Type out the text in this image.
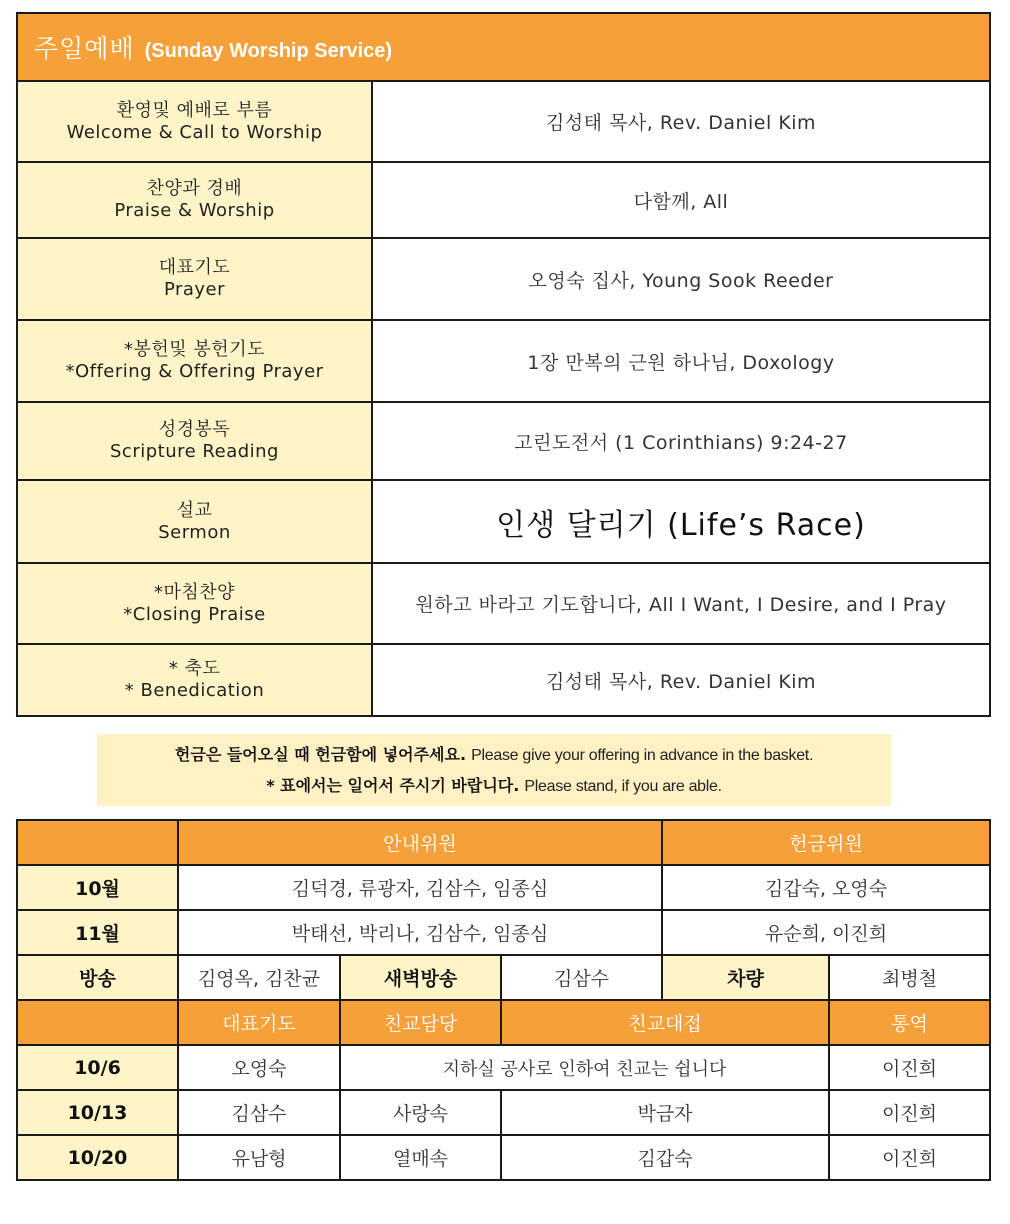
주일예배 (Sunday Worship Service)	

환영및 예배로 부름
Welcome & Call to Worship	김성태 목사, Rev. Daniel Kim

찬양과 경배
Praise & Worship	다함께, All

대표기도
Prayer	오영숙 집사, Young Sook Reeder

*봉헌및 봉헌기도
*Offering & Offering Prayer	1장 만복의 근원 하나님, Doxology

성경봉독
Scripture Reading	고린도전서 (1 Corinthians) 9:24-27

설교
Sermon	인생 달리기 (Life’s Race)

*마침찬양
*Closing Praise	원하고 바라고 기도합니다, All I Want, I Desire, and I Pray

* 축도
* Benedication	김성태 목사, Rev. Daniel Kim
헌금은 들어오실 때 헌금함에 넣어주세요. Please give your offering in advance in the basket.
* 표에서는 일어서 주시기 바랍니다. Please stand, if you are able.
	안내위원			헌금위원	
10월	김덕경, 류광자, 김삼수, 임종심			김갑숙, 오영숙	
11월	박태선, 박리나, 김삼수, 임종심			유순희, 이진희	
방송	김영옥, 김찬균	새벽방송	김삼수	차량	최병철
	대표기도	친교담당	친교대접		통역
10/6	오영숙	지하실 공사로 인하여 친교는 쉽니다			이진희
10/13	김삼수	사랑속	박금자		이진희
10/20	유남형	열매속	김갑숙		이진희
